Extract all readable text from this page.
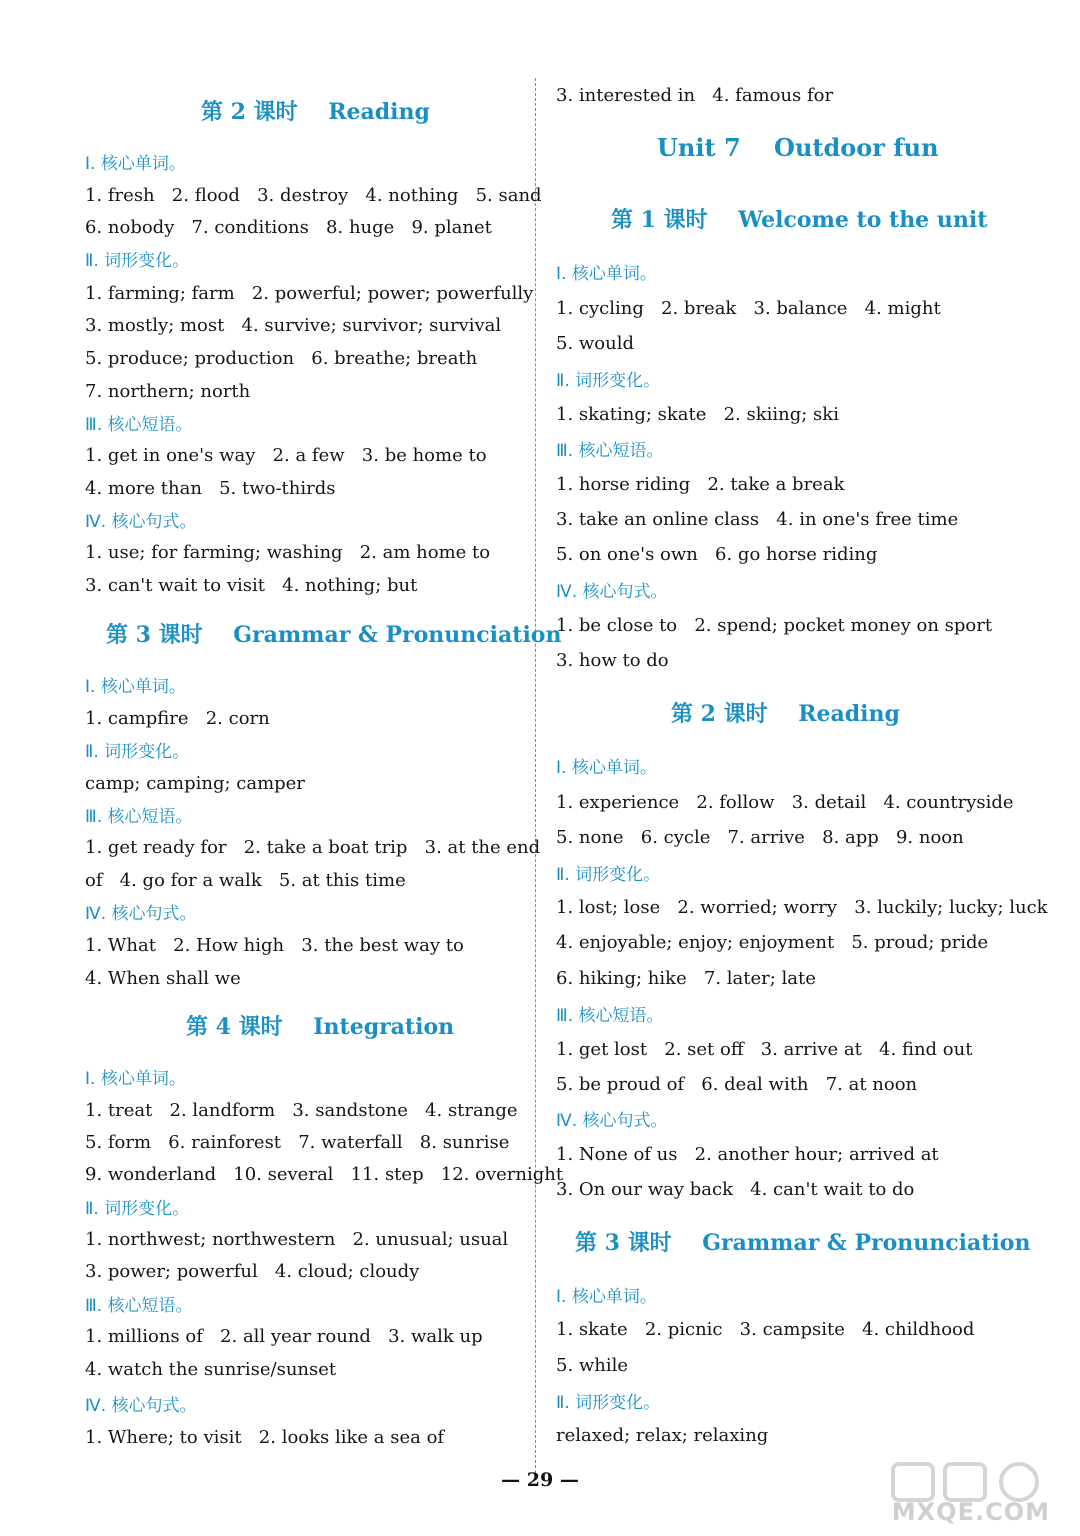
第 2 课时    Reading
Ⅰ. 核心单词。
1. fresh   2. flood   3. destroy   4. nothing   5. sand
6. nobody   7. conditions   8. huge   9. planet
Ⅱ. 词形变化。
1. farming; farm   2. powerful; power; powerfully
3. mostly; most   4. survive; survivor; survival
5. produce; production   6. breathe; breath
7. northern; north
Ⅲ. 核心短语。
1. get in one's way   2. a few   3. be home to
4. more than   5. two-thirds
Ⅳ. 核心句式。
1. use; for farming; washing   2. am home to
3. can't wait to visit   4. nothing; but
第 3 课时    Grammar & Pronunciation
Ⅰ. 核心单词。
1. campfire   2. corn
Ⅱ. 词形变化。
camp; camping; camper
Ⅲ. 核心短语。
1. get ready for   2. take a boat trip   3. at the end
of   4. go for a walk   5. at this time
Ⅳ. 核心句式。
1. What   2. How high   3. the best way to
4. When shall we
第 4 课时    Integration
Ⅰ. 核心单词。
1. treat   2. landform   3. sandstone   4. strange
5. form   6. rainforest   7. waterfall   8. sunrise
9. wonderland   10. several   11. step   12. overnight
Ⅱ. 词形变化。
1. northwest; northwestern   2. unusual; usual
3. power; powerful   4. cloud; cloudy
Ⅲ. 核心短语。
1. millions of   2. all year round   3. walk up
4. watch the sunrise/sunset
Ⅳ. 核心句式。
1. Where; to visit   2. looks like a sea of
3. interested in   4. famous for
Unit 7    Outdoor fun
第 1 课时    Welcome to the unit
Ⅰ. 核心单词。
1. cycling   2. break   3. balance   4. might
5. would
Ⅱ. 词形变化。
1. skating; skate   2. skiing; ski
Ⅲ. 核心短语。
1. horse riding   2. take a break
3. take an online class   4. in one's free time
5. on one's own   6. go horse riding
Ⅳ. 核心句式。
1. be close to   2. spend; pocket money on sport
3. how to do
第 2 课时    Reading
Ⅰ. 核心单词。
1. experience   2. follow   3. detail   4. countryside
5. none   6. cycle   7. arrive   8. app   9. noon
Ⅱ. 词形变化。
1. lost; lose   2. worried; worry   3. luckily; lucky; luck
4. enjoyable; enjoy; enjoyment   5. proud; pride
6. hiking; hike   7. later; late
Ⅲ. 核心短语。
1. get lost   2. set off   3. arrive at   4. find out
5. be proud of   6. deal with   7. at noon
Ⅳ. 核心句式。
1. None of us   2. another hour; arrived at
3. On our way back   4. can't wait to do
第 3 课时    Grammar & Pronunciation
Ⅰ. 核心单词。
1. skate   2. picnic   3. campsite   4. childhood
5. while
Ⅱ. 词形变化。
relaxed; relax; relaxing
— 29 —
MXQE.COM
